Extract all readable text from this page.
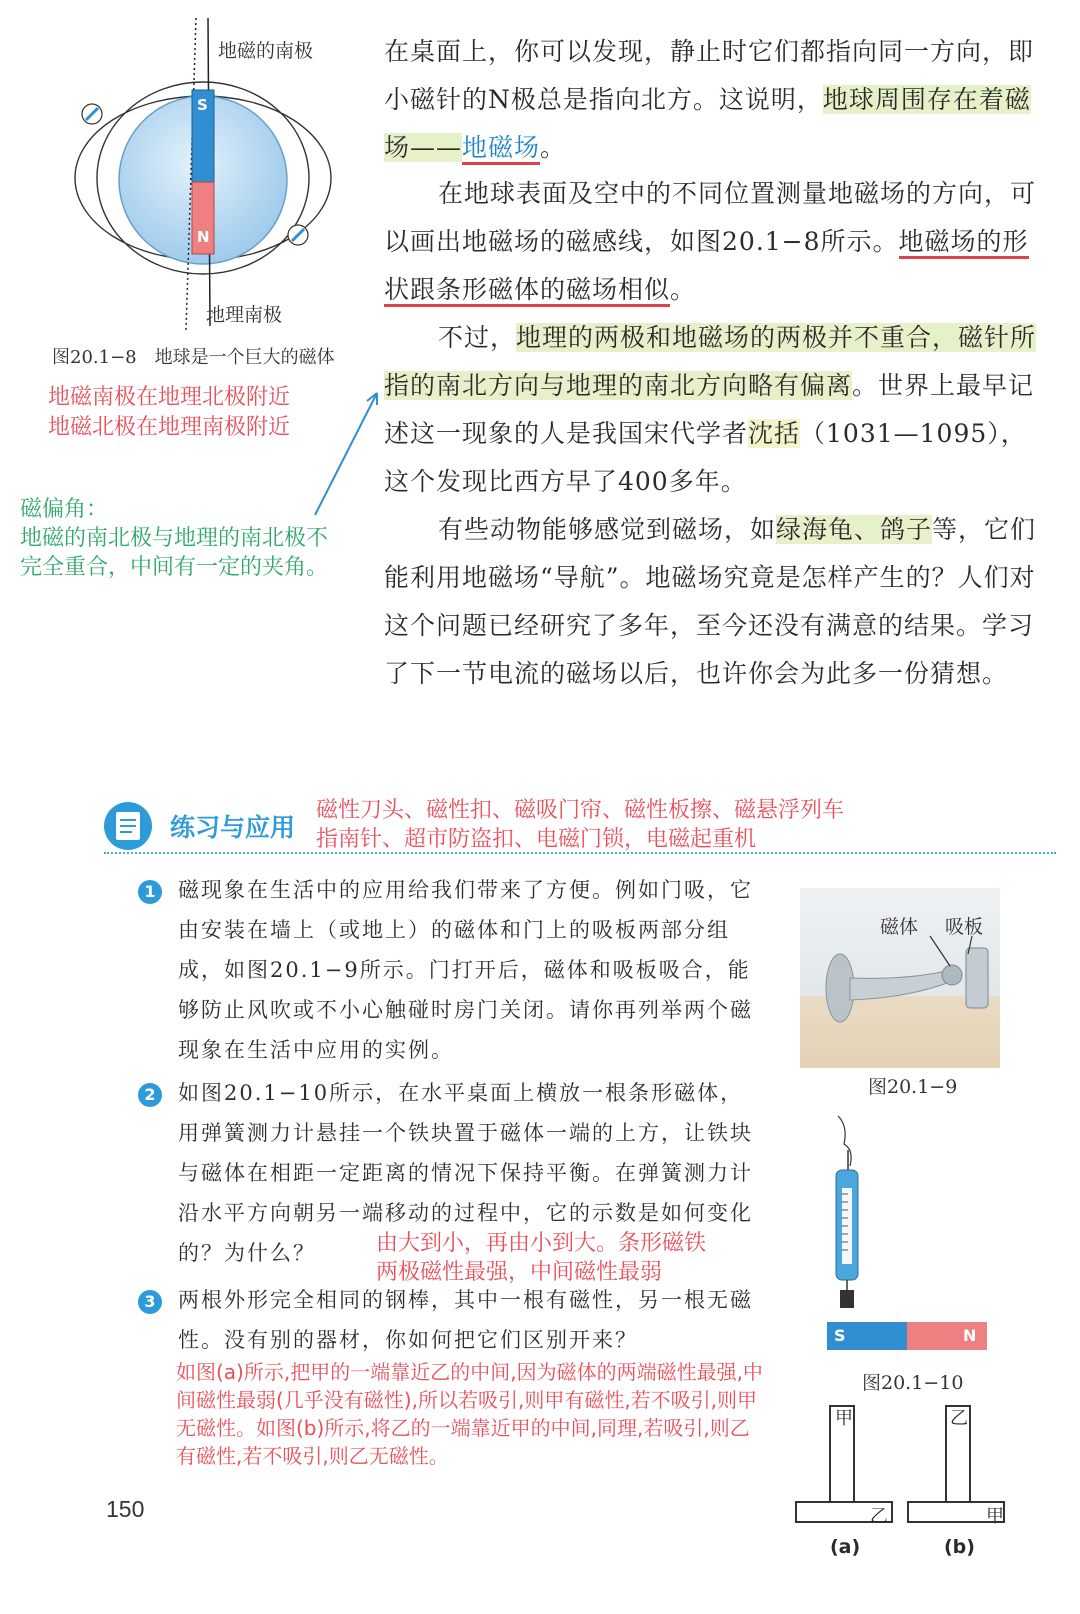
S
N
地磁的南极
地理南极
图20.1−8　地球是一个巨大的磁体
地磁南极在地理北极附近
地磁北极在地理南极附近
磁偏角：
地磁的南北极与地理的南北极不
完全重合，中间有一定的夹角。
在桌面上，你可以发现，静止时它们都指向同一方向，即小磁针的N极总是指向北方。这说明，地球周围存在着磁场——地磁场。
在地球表面及空中的不同位置测量地磁场的方向，可以画出地磁场的磁感线，如图20.1−8所示。地磁场的形状跟条形磁体的磁场相似。
不过，地理的两极和地磁场的两极并不重合，磁针所指的南北方向与地理的南北方向略有偏离。世界上最早记述这一现象的人是我国宋代学者沈括（1031—1095），这个发现比西方早了400多年。
有些动物能够感觉到磁场，如绿海龟、鸽子等，它们能利用地磁场“导航”。地磁场究竟是怎样产生的？人们对这个问题已经研究了多年，至今还没有满意的结果。学习了下一节电流的磁场以后，也许你会为此多一份猜想。
练习与应用
磁性刀头、磁性扣、磁吸门帘、磁性板擦、磁悬浮列车
指南针、超市防盗扣、电磁门锁，电磁起重机
1	磁现象在生活中的应用给我们带来了方便。例如门吸，它由安装在墙上（或地上）的磁体和门上的吸板两部分组成，如图20.1−9所示。门打开后，磁体和吸板吸合，能够防止风吹或不小心触碰时房门关闭。请你再列举两个磁现象在生活中应用的实例。
2	如图20.1−10所示，在水平桌面上横放一根条形磁体，用弹簧测力计悬挂一个铁块置于磁体一端的上方，让铁块与磁体在相距一定距离的情况下保持平衡。在弹簧测力计沿水平方向朝另一端移动的过程中，它的示数是如何变化的？为什么？	由大到小，再由小到大。条形磁铁
两极磁性最强，中间磁性最弱
3	两根外形完全相同的钢棒，其中一根有磁性，另一根无磁性。没有别的器材，你如何把它们区别开来？
如图(a)所示,把甲的一端靠近乙的中间,因为磁体的两端磁性最强,中间磁性最弱(几乎没有磁性),所以若吸引,则甲有磁性,若不吸引,则甲无磁性。如图(b)所示,将乙的一端靠近甲的中间,同理,若吸引,则乙有磁性,若不吸引,则乙无磁性。
磁体 吸板
图20.1−9
S	N
图20.1−10
甲
乙
乙
甲
(a)	(b)
150
